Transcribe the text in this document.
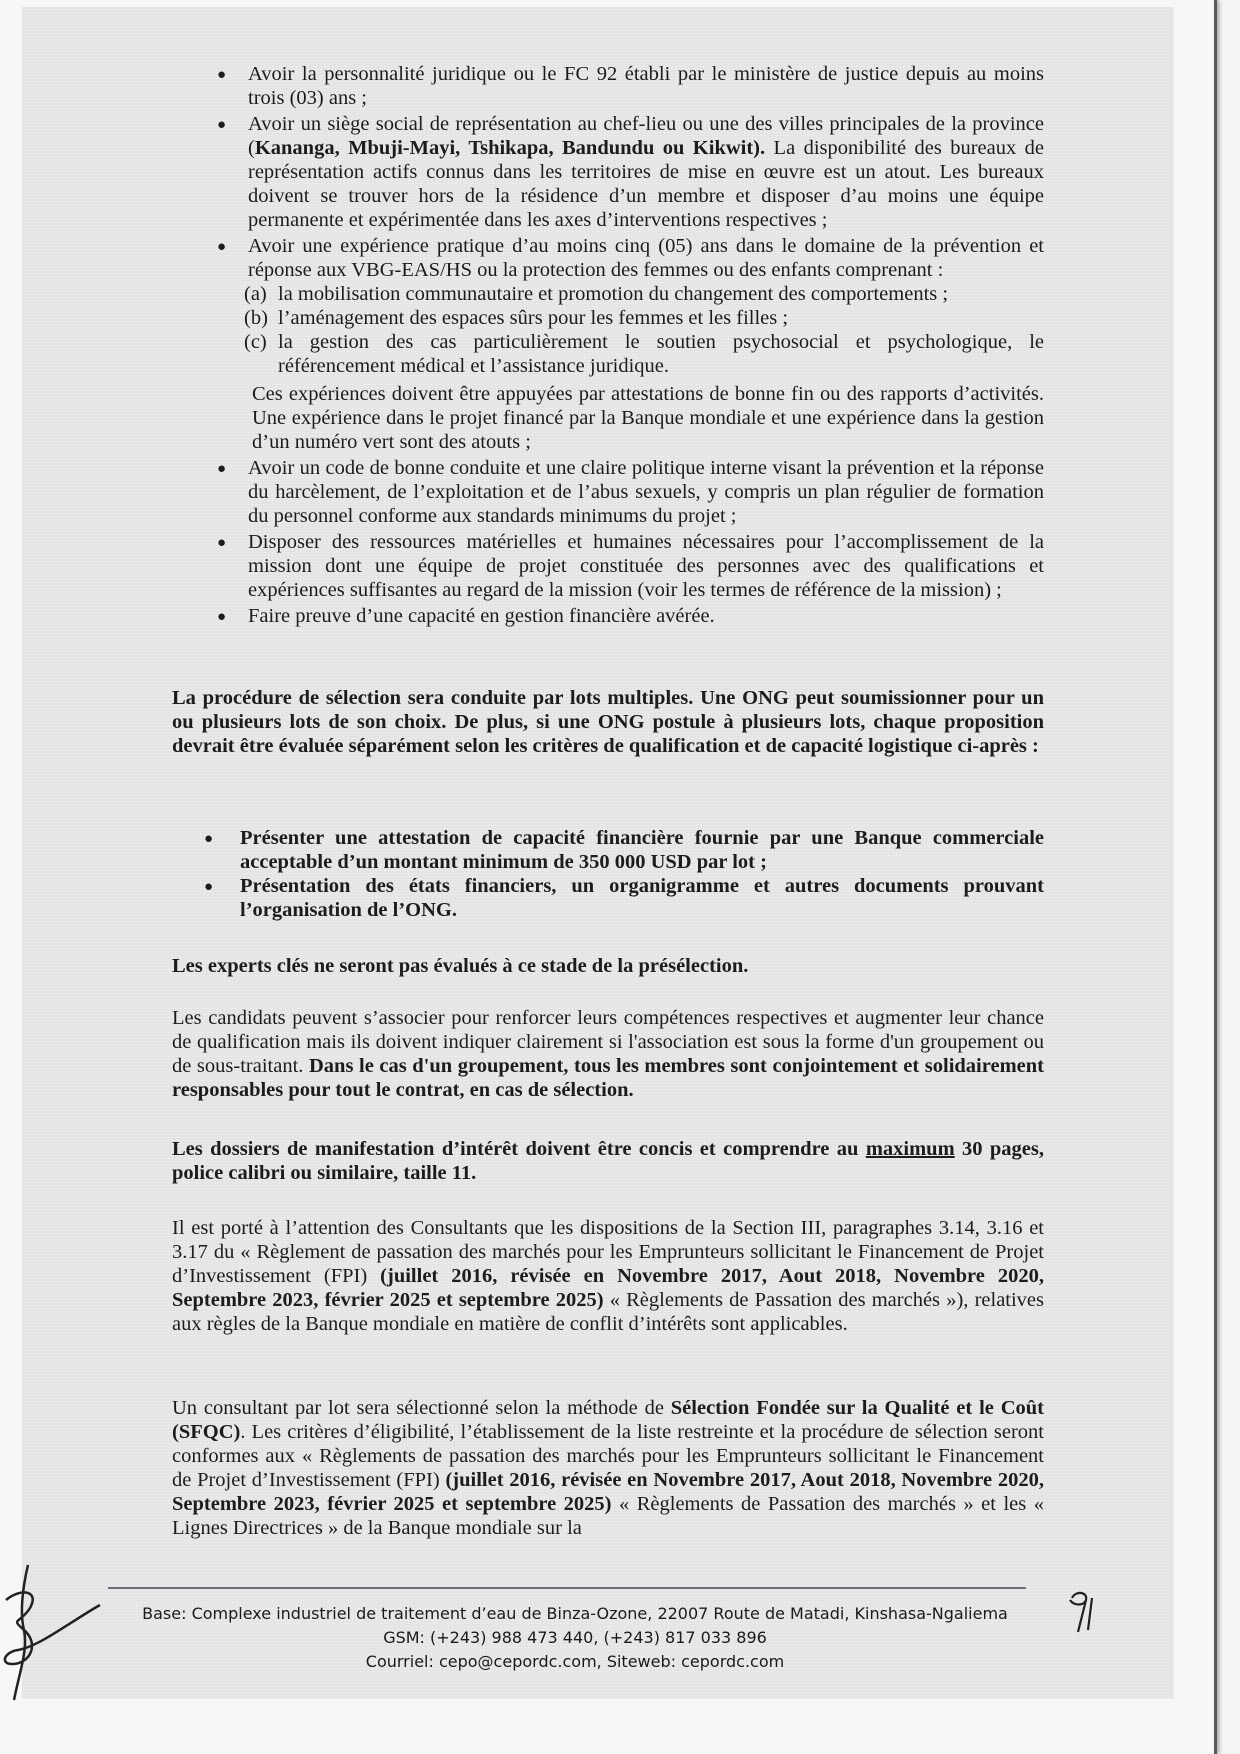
● Avoir la personnalité juridique ou le FC 92 établi par le ministère de justice depuis au moins trois (03) ans ;
● Avoir un siège social de représentation au chef-lieu ou une des villes principales de la province (Kananga, Mbuji-Mayi, Tshikapa, Bandundu ou Kikwit). La disponibilité des bureaux de représentation actifs connus dans les territoires de mise en œuvre est un atout. Les bureaux doivent se trouver hors de la résidence d’un membre et disposer d’au moins une équipe permanente et expérimentée dans les axes d’interventions respectives ;
● Avoir une expérience pratique d’au moins cinq (05) ans dans le domaine de la prévention et réponse aux VBG-EAS/HS ou la protection des femmes ou des enfants comprenant :
(a) la mobilisation communautaire et promotion du changement des comportements ;
(b) l’aménagement des espaces sûrs pour les femmes et les filles ;
(c) la gestion des cas particulièrement le soutien psychosocial et psychologique, le référencement médical et l’assistance juridique.
Ces expériences doivent être appuyées par attestations de bonne fin ou des rapports d’activités. Une expérience dans le projet financé par la Banque mondiale et une expérience dans la gestion d’un numéro vert sont des atouts ;
● Avoir un code de bonne conduite et une claire politique interne visant la prévention et la réponse du harcèlement, de l’exploitation et de l’abus sexuels, y compris un plan régulier de formation du personnel conforme aux standards minimums du projet ;
● Disposer des ressources matérielles et humaines nécessaires pour l’accomplissement de la mission dont une équipe de projet constituée des personnes avec des qualifications et expériences suffisantes au regard de la mission (voir les termes de référence de la mission) ;
● Faire preuve d’une capacité en gestion financière avérée.

La procédure de sélection sera conduite par lots multiples. Une ONG peut soumissionner pour un ou plusieurs lots de son choix. De plus, si une ONG postule à plusieurs lots, chaque proposition devrait être évaluée séparément selon les critères de qualification et de capacité logistique ci-après :

● Présenter une attestation de capacité financière fournie par une Banque commerciale acceptable d’un montant minimum de 350 000 USD par lot ;
● Présentation des états financiers, un organigramme et autres documents prouvant l’organisation de l’ONG.

Les experts clés ne seront pas évalués à ce stade de la présélection.

Les candidats peuvent s’associer pour renforcer leurs compétences respectives et augmenter leur chance de qualification mais ils doivent indiquer clairement si l'association est sous la forme d'un groupement ou de sous-traitant. Dans le cas d'un groupement, tous les membres sont conjointement et solidairement responsables pour tout le contrat, en cas de sélection.

Les dossiers de manifestation d’intérêt doivent être concis et comprendre au maximum 30 pages, police calibri ou similaire, taille 11.

Il est porté à l’attention des Consultants que les dispositions de la Section III, paragraphes 3.14, 3.16 et 3.17 du « Règlement de passation des marchés pour les Emprunteurs sollicitant le Financement de Projet d’Investissement (FPI) (juillet 2016, révisée en Novembre 2017, Aout 2018, Novembre 2020, Septembre 2023, février 2025 et septembre 2025) « Règlements de Passation des marchés »), relatives aux règles de la Banque mondiale en matière de conflit d’intérêts sont applicables.

Un consultant par lot sera sélectionné selon la méthode de Sélection Fondée sur la Qualité et le Coût (SFQC). Les critères d’éligibilité, l’établissement de la liste restreinte et la procédure de sélection seront conformes aux « Règlements de passation des marchés pour les Emprunteurs sollicitant le Financement de Projet d’Investissement (FPI) (juillet 2016, révisée en Novembre 2017, Aout 2018, Novembre 2020, Septembre 2023, février 2025 et septembre 2025) « Règlements de Passation des marchés » et les « Lignes Directrices » de la Banque mondiale sur la

Base: Complexe industriel de traitement d’eau de Binza-Ozone, 22007 Route de Matadi, Kinshasa-Ngaliema
GSM: (+243) 988 473 440, (+243) 817 033 896
Courriel: cepo@cepordc.com, Siteweb: cepordc.com
